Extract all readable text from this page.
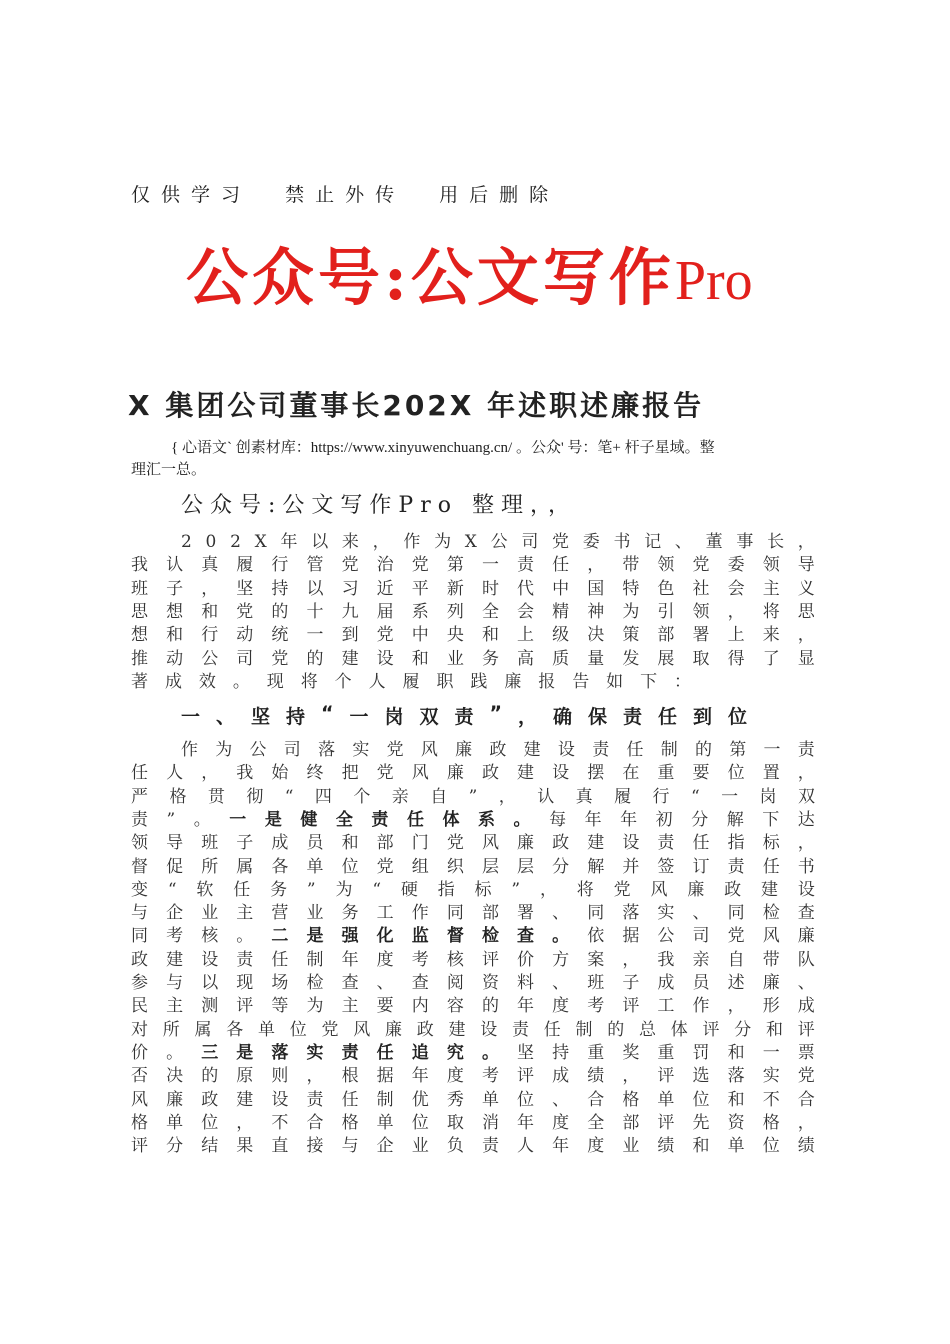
仅供学习  禁止外传  用后删除
公众号:公文写作Pro
X 集团公司董事长202X 年述职述廉报告
{ 心语文` 创素材库：https://www.xinyuwenchuang.cn/ 。公众' 号：笔+ 杆子星域。整
理汇一总。
公众号:公文写作Pro 整理，，
2 0 2 X 年 以 来 ， 作 为 X 公 司 党 委 书 记 、 董 事 长 ，
我 认 真 履 行 管 党 治 党 第 一 责 任 ， 带 领 党 委 领 导
班 子 ， 坚 持 以 习 近 平 新 时 代 中 国 特 色 社 会 主 义
思 想 和 党 的 十 九 届 系 列 全 会 精 神 为 引 领 ， 将 思
想 和 行 动 统 一 到 党 中 央 和 上 级 决 策 部 署 上 来 ，
推 动 公 司 党 的 建 设 和 业 务 高 质 量 发 展 取 得 了 显
著 成 效 。 现 将 个 人 履 职 践 廉 报 告 如 下 ：
一 、 坚 持 “ 一 岗 双 责 ” ， 确 保 责 任 到 位
作 为 公 司 落 实 党 风 廉 政 建 设 责 任 制 的 第 一 责
任 人 ， 我 始 终 把 党 风 廉 政 建 设 摆 在 重 要 位 置 ，
严 格 贯 彻 “ 四 个 亲 自 ” ， 认 真 履 行 “ 一 岗 双
责 ” 。 一 是 健 全 责 任 体 系 。 每 年 年 初 分 解 下 达
领 导 班 子 成 员 和 部 门 党 风 廉 政 建 设 责 任 指 标 ，
督 促 所 属 各 单 位 党 组 织 层 层 分 解 并 签 订 责 任 书
变 “ 软 任 务 ” 为 “ 硬 指 标 ” ， 将 党 风 廉 政 建 设
与 企 业 主 营 业 务 工 作 同 部 署 、 同 落 实 、 同 检 查
同 考 核 。 二 是 强 化 监 督 检 查 。 依 据 公 司 党 风 廉
政 建 设 责 任 制 年 度 考 核 评 价 方 案 ， 我 亲 自 带 队
参 与 以 现 场 检 查 、 查 阅 资 料 、 班 子 成 员 述 廉 、
民 主 测 评 等 为 主 要 内 容 的 年 度 考 评 工 作 ， 形 成
对 所 属 各 单 位 党 风 廉 政 建 设 责 任 制 的 总 体 评 分 和 评
价 。 三 是 落 实 责 任 追 究 。 坚 持 重 奖 重 罚 和 一 票
否 决 的 原 则 ， 根 据 年 度 考 评 成 绩 ， 评 选 落 实 党
风 廉 政 建 设 责 任 制 优 秀 单 位 、 合 格 单 位 和 不 合
格 单 位 ， 不 合 格 单 位 取 消 年 度 全 部 评 先 资 格 ，
评 分 结 果 直 接 与 企 业 负 责 人 年 度 业 绩 和 单 位 绩
